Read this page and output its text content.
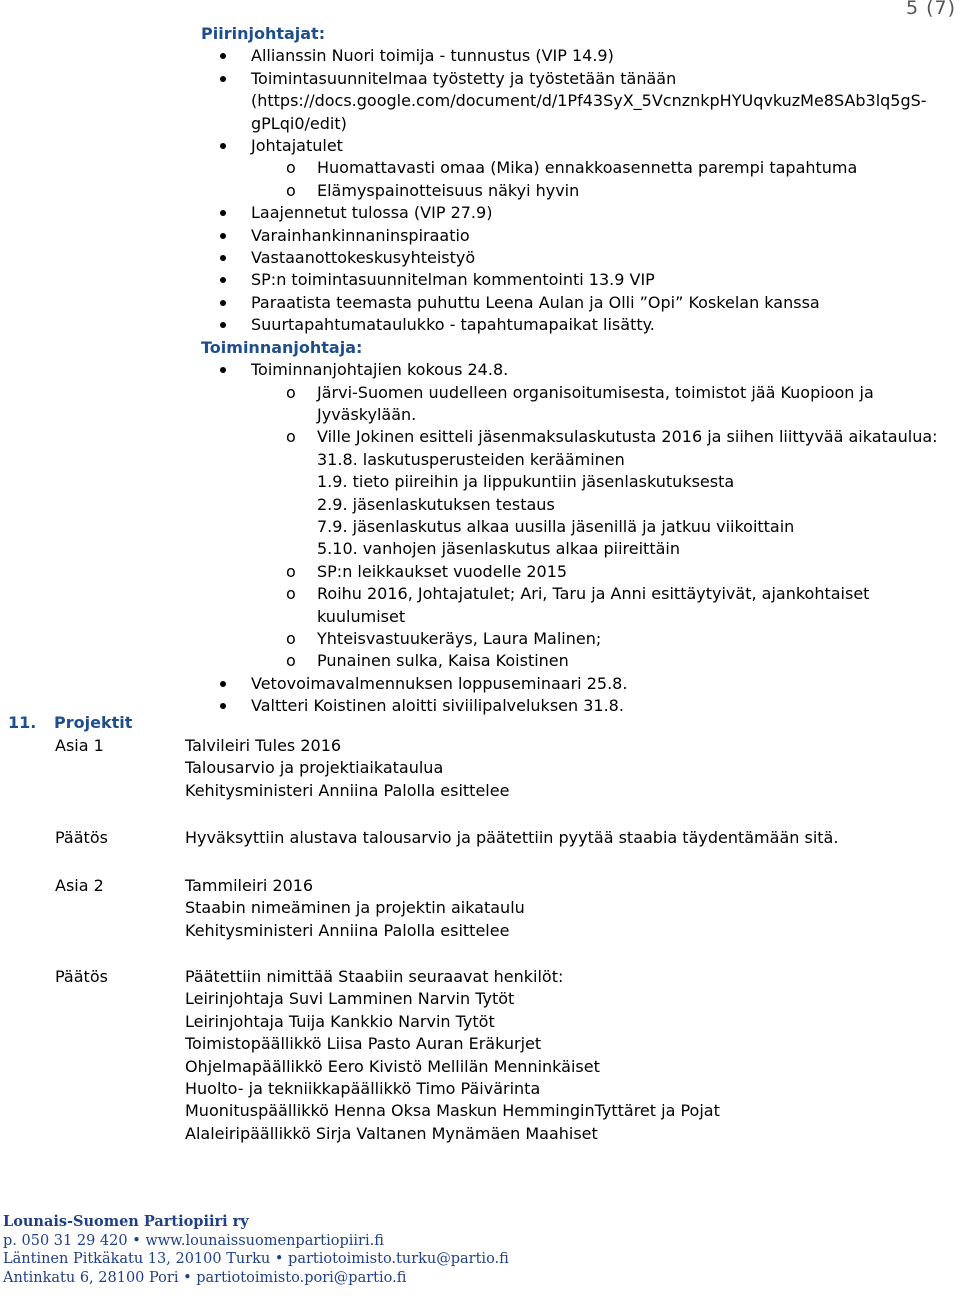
5 (7)
Piirinjohtajat:
Allianssin Nuori toimija - tunnustus (VIP 14.9)
Toimintasuunnitelmaa työstetty ja työstetään tänään
(https://docs.google.com/document/d/1Pf43SyX_5VcnznkpHYUqvkuzMe8SAb3lq5gS-
gPLqi0/edit)
Johtajatulet
o Huomattavasti omaa (Mika) ennakkoasennetta parempi tapahtuma
o Elämyspainotteisuus näkyi hyvin
Laajennetut tulossa (VIP 27.9)
Varainhankinnaninspiraatio
Vastaanottokeskusyhteistyö
SP:n toimintasuunnitelman kommentointi 13.9 VIP
Paraatista teemasta puhuttu Leena Aulan ja Olli ”Opi” Koskelan kanssa
Suurtapahtumataulukko - tapahtumapaikat lisätty.
Toiminnanjohtaja:
Toiminnanjohtajien kokous 24.8.
o Järvi-Suomen uudelleen organisoitumisesta, toimistot jää Kuopioon ja
Jyväskylään.
o Ville Jokinen esitteli jäsenmaksulaskutusta 2016 ja siihen liittyvää aikataulua:
31.8. laskutusperusteiden kerääminen
1.9. tieto piireihin ja lippukuntiin jäsenlaskutuksesta
2.9. jäsenlaskutuksen testaus
7.9. jäsenlaskutus alkaa uusilla jäsenillä ja jatkuu viikoittain
5.10. vanhojen jäsenlaskutus alkaa piireittäin
o SP:n leikkaukset vuodelle 2015
o Roihu 2016, Johtajatulet; Ari, Taru ja Anni esittäytyivät, ajankohtaiset
kuulumiset
o Yhteisvastuukeräys, Laura Malinen;
o Punainen sulka, Kaisa Koistinen
Vetovoimavalmennuksen loppuseminaari 25.8.
Valtteri Koistinen aloitti siviilipalveluksen 31.8.
11. Projektit
Asia 1	Talvileiri Tules 2016
Talousarvio ja projektiaikataulua
Kehitysministeri Anniina Palolla esittelee
Päätös	Hyväksyttiin alustava talousarvio ja päätettiin pyytää staabia täydentämään sitä.
Asia 2	Tammileiri 2016
Staabin nimeäminen ja projektin aikataulu
Kehitysministeri Anniina Palolla esittelee
Päätös	Päätettiin nimittää Staabiin seuraavat henkilöt:
Leirinjohtaja Suvi Lamminen Narvin Tytöt
Leirinjohtaja Tuija Kankkio Narvin Tytöt
Toimistopäällikkö Liisa Pasto Auran Eräkurjet
Ohjelmapäällikkö Eero Kivistö Mellilän Menninkäiset
Huolto- ja tekniikkapäällikkö Timo Päivärinta
Muonituspäällikkö Henna Oksa Maskun HemminginTyttäret ja Pojat
Alaleiripäällikkö Sirja Valtanen Mynämäen Maahiset
Lounais-Suomen Partiopiiri ry
p. 050 31 29 420 • www.lounaissuomenpartiopiiri.fi
Läntinen Pitkäkatu 13, 20100 Turku • partiotoimisto.turku@partio.fi
Antinkatu 6, 28100 Pori • partiotoimisto.pori@partio.fi
